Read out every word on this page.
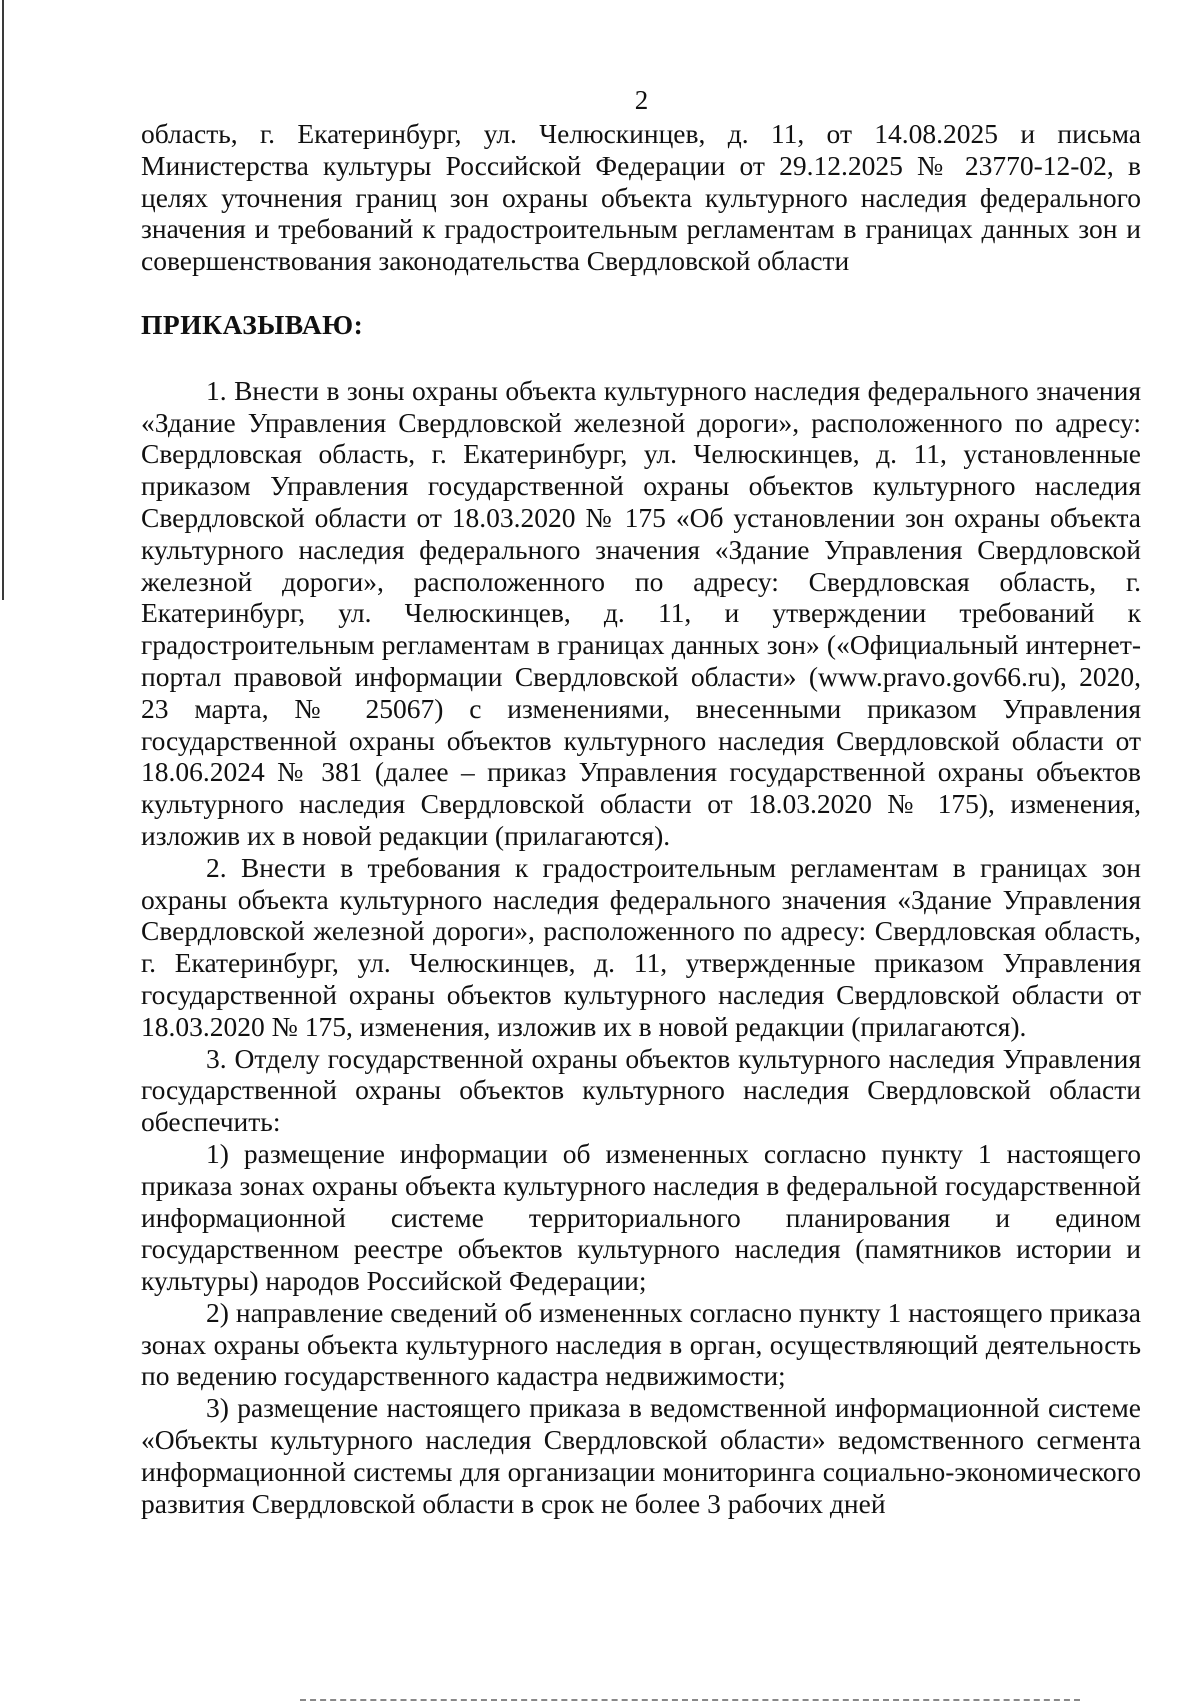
2

область, г. Екатеринбург, ул. Челюскинцев, д. 11, от 14.08.2025 и письма Министерства культуры Российской Федерации от 29.12.2025 № 23770-12-02, в целях уточнения границ зон охраны объекта культурного наследия федерального значения и требований к градостроительным регламентам в границах данных зон и совершенствования законодательства Свердловской области

ПРИКАЗЫВАЮ:

1. Внести в зоны охраны объекта культурного наследия федерального значения «Здание Управления Свердловской железной дороги», расположенного по адресу: Свердловская область, г. Екатеринбург, ул. Челюскинцев, д. 11, установленные приказом Управления государственной охраны объектов культурного наследия Свердловской области от 18.03.2020 № 175 «Об установлении зон охраны объекта культурного наследия федерального значения «Здание Управления Свердловской железной дороги», расположенного по адресу: Свердловская область, г. Екатеринбург, ул. Челюскинцев, д. 11, и утверждении требований к градостроительным регламентам в границах данных зон» («Официальный интернет-портал правовой информации Свердловской области» (www.pravo.gov66.ru), 2020, 23 марта, № 25067) с изменениями, внесенными приказом Управления государственной охраны объектов культурного наследия Свердловской области от 18.06.2024 № 381 (далее – приказ Управления государственной охраны объектов культурного наследия Свердловской области от 18.03.2020 № 175), изменения, изложив их в новой редакции (прилагаются).

2. Внести в требования к градостроительным регламентам в границах зон охраны объекта культурного наследия федерального значения «Здание Управления Свердловской железной дороги», расположенного по адресу: Свердловская область, г. Екатеринбург, ул. Челюскинцев, д. 11, утвержденные приказом Управления государственной охраны объектов культурного наследия Свердловской области от 18.03.2020 № 175, изменения, изложив их в новой редакции (прилагаются).

3. Отделу государственной охраны объектов культурного наследия Управления государственной охраны объектов культурного наследия Свердловской области обеспечить:

1) размещение информации об измененных согласно пункту 1 настоящего приказа зонах охраны объекта культурного наследия в федеральной государственной информационной системе территориального планирования и едином государственном реестре объектов культурного наследия (памятников истории и культуры) народов Российской Федерации;

2) направление сведений об измененных согласно пункту 1 настоящего приказа зонах охраны объекта культурного наследия в орган, осуществляющий деятельность по ведению государственного кадастра недвижимости;

3) размещение настоящего приказа в ведомственной информационной системе «Объекты культурного наследия Свердловской области» ведомственного сегмента информационной системы для организации мониторинга социально-экономического развития Свердловской области в срок не более 3 рабочих дней
